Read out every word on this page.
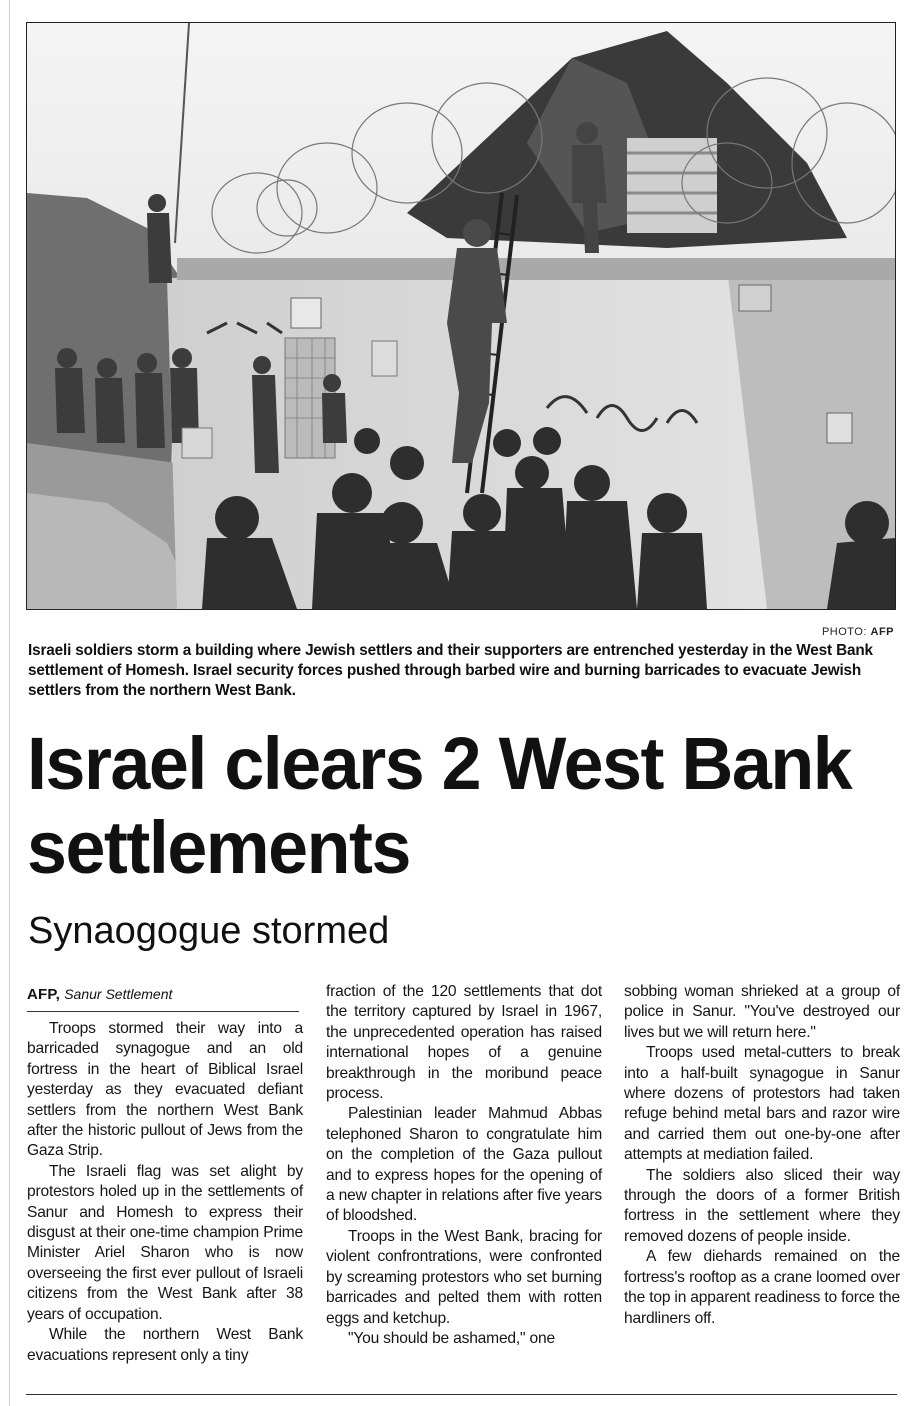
PHOTO: AFP
Israeli soldiers storm a building where Jewish settlers and their supporters are entrenched yesterday in the West Bank settlement of Homesh. Israel security forces pushed through barbed wire and burning barricades to evacuate Jewish settlers from the northern West Bank.
Israel clears 2 West Bank settlements
Synaogogue stormed
AFP, Sanur Settlement

Troops stormed their way into a barricaded synagogue and an old fortress in the heart of Biblical Israel yesterday as they evacuated defiant settlers from the northern West Bank after the historic pullout of Jews from the Gaza Strip.

The Israeli flag was set alight by protestors holed up in the settlements of Sanur and Homesh to express their disgust at their one-time champion Prime Minister Ariel Sharon who is now overseeing the first ever pullout of Israeli citizens from the West Bank after 38 years of occupation.

While the northern West Bank evacuations represent only a tiny

fraction of the 120 settlements that dot the territory captured by Israel in 1967, the unprecedented operation has raised international hopes of a genuine breakthrough in the moribund peace process.

Palestinian leader Mahmud Abbas telephoned Sharon to congratulate him on the completion of the Gaza pullout and to express hopes for the opening of a new chapter in relations after five years of bloodshed.

Troops in the West Bank, bracing for violent confrontrations, were confronted by screaming protestors who set burning barricades and pelted them with rotten eggs and ketchup.

"You should be ashamed," one

sobbing woman shrieked at a group of police in Sanur. "You've destroyed our lives but we will return here."

Troops used metal-cutters to break into a half-built synagogue in Sanur where dozens of protestors had taken refuge behind metal bars and razor wire and carried them out one-by-one after attempts at mediation failed.

The soldiers also sliced their way through the doors of a former British fortress in the settlement where they removed dozens of people inside.

A few diehards remained on the fortress's rooftop as a crane loomed over the top in apparent readiness to force the hardliners off.
